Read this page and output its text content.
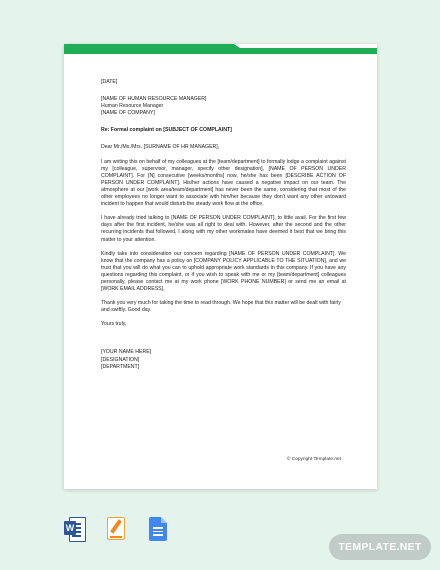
[DATE]

[NAME OF HUMAN RESOURCE MANAGER]

Human Resource Manager

[NAME OF COMPANY]

Re: Formal complaint on [SUBJECT OF COMPLAINT]

Dear Mr./Ms./Mrs. [SURNAME OF HR MANAGER],

I am writing this on behalf of my colleagues at the [team/department] to formally lodge a complaint against my [colleague, supervisor, manager, specify other designation], [NAME OF PERSON UNDER COMPLAINT]. For [N] consecutive [weeks/months] now, he/she has been [DESCRIBE ACTION OF PERSON UNDER COMPLAINT]. His/her actions have caused a negative impact on our team. The atmosphere at our [work area/team/department] has never been the same, considering that most of the other employees no longer want to associate with him/her because they don't want any other untoward incident to happen that would disturb the steady work flow at the office.

I have already tried talking to [NAME OF PERSON UNDER COMPLAINT], to little avail. For the first few days after the first incident, he/she was all right to deal with. However, after the second and the other recurring incidents that followed, I along with my other workmates have deemed it best that we bring this matter to your attention.

Kindly take into consideration our concern regarding [NAME OF PERSON UNDER COMPLAINT]. We know that the company has a policy on [COMPANY POLICY APPLICABLE TO THE SITUATION], and we trust that you will do what you can to uphold appropriate work standards in this company. If you have any questions regarding this complaint, or if you wish to speak with me or my [team/department] colleagues personally, please contact me at my work phone [WORK PHONE NUMBER] or send me an email at [WORK EMAIL ADDRESS].

Thank you very much for taking the time to read through. We hope that this matter will be dealt with fairly and swiftly. Good day.

Yours truly,

[YOUR NAME HERE]

[DESIGNATION]

[DEPARTMENT]

© Copyright Template.net
W
TEMPLATE.NET
